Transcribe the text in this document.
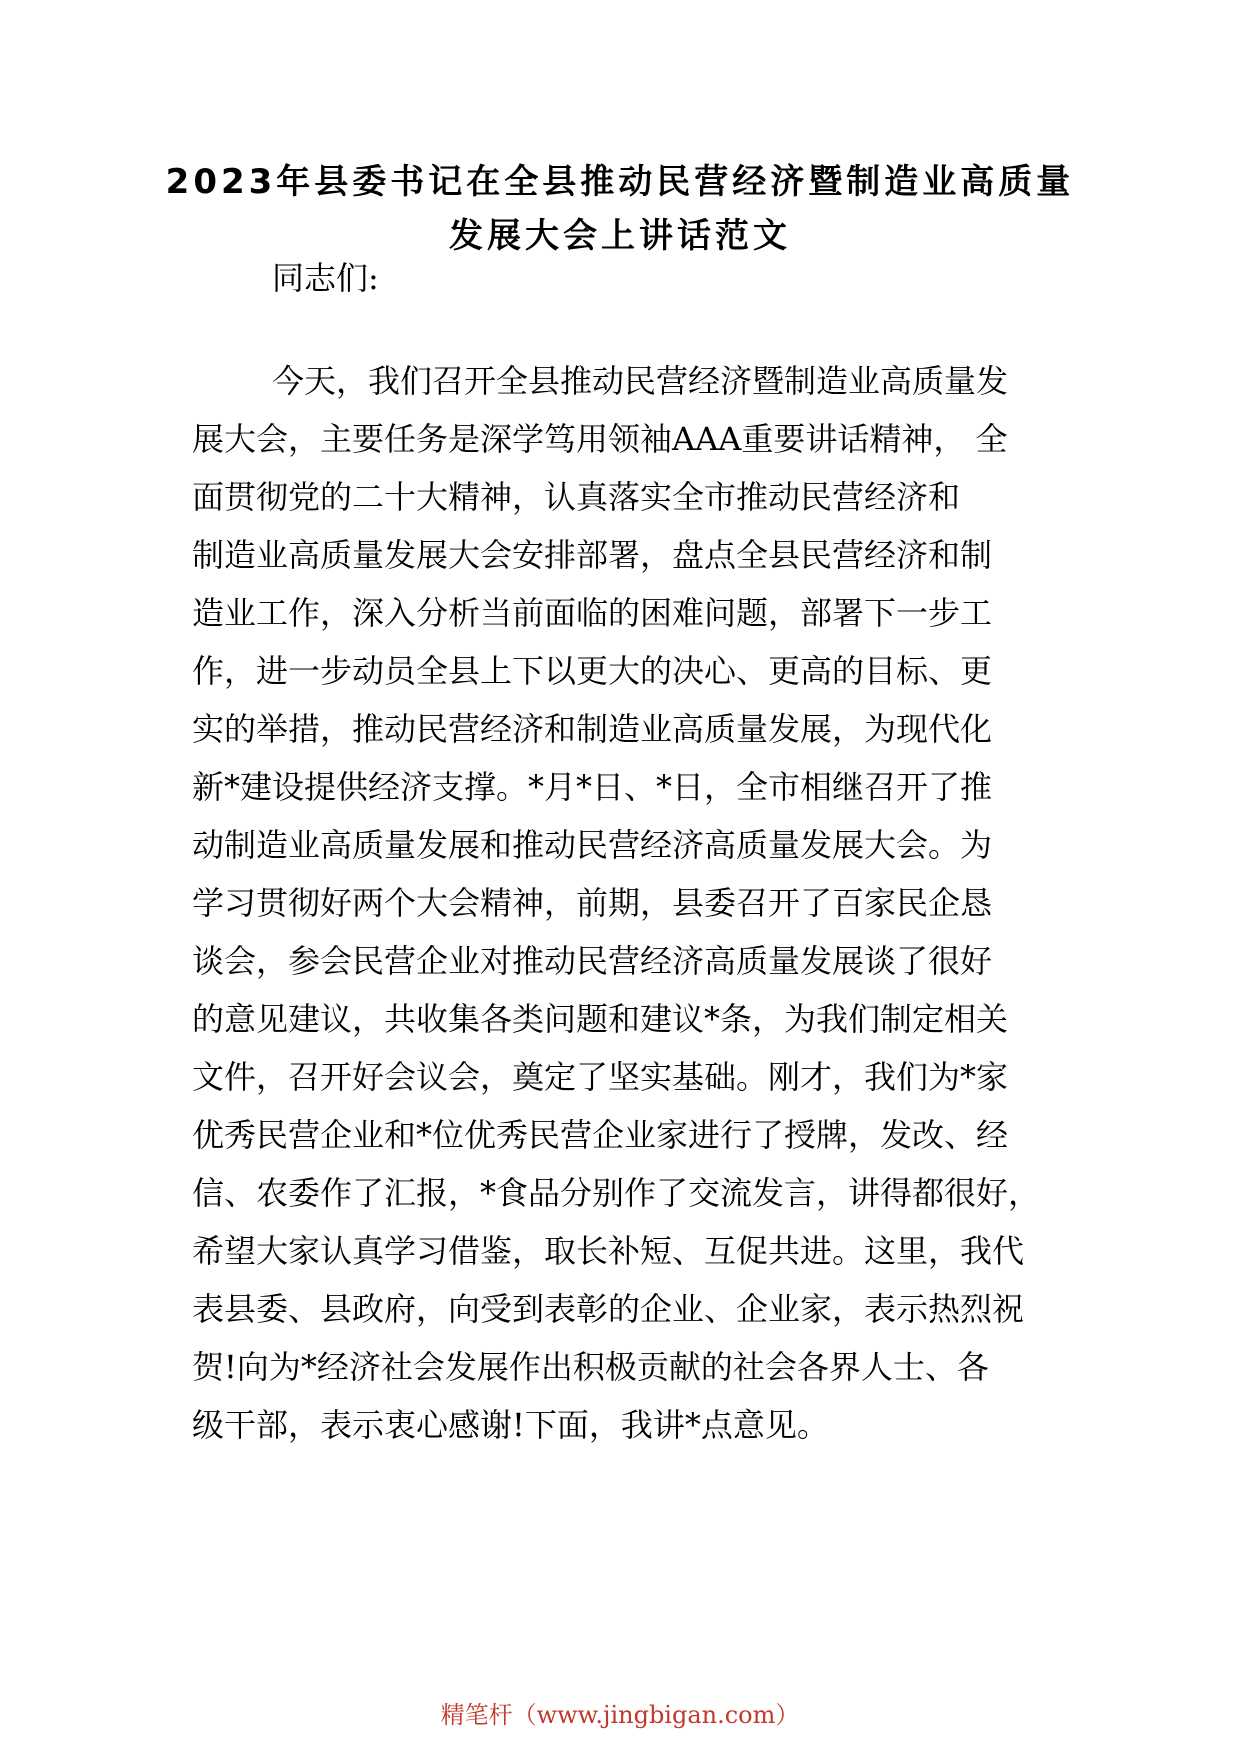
2023年县委书记在全县推动民营经济暨制造业高质量
发展大会上讲话范文
同志们:
今天，我们召开全县推动民营经济暨制造业高质量发
展大会，主要任务是深学笃用领袖AAA重要讲话精神， 全
面贯彻党的二十大精神，认真落实全市推动民营经济和
制造业高质量发展大会安排部署，盘点全县民营经济和制
造业工作，深入分析当前面临的困难问题，部署下一步工
作，进一步动员全县上下以更大的决心、更高的目标、更
实的举措，推动民营经济和制造业高质量发展，为现代化
新*建设提供经济支撑。*月*日、*日，全市相继召开了推
动制造业高质量发展和推动民营经济高质量发展大会。为
学习贯彻好两个大会精神，前期，县委召开了百家民企恳
谈会，参会民营企业对推动民营经济高质量发展谈了很好
的意见建议，共收集各类问题和建议*条，为我们制定相关
文件，召开好会议会，奠定了坚实基础。刚才，我们为*家
优秀民营企业和*位优秀民营企业家进行了授牌，发改、经
信、农委作了汇报，*食品分别作了交流发言，讲得都很好，
希望大家认真学习借鉴，取长补短、互促共进。这里，我代
表县委、县政府，向受到表彰的企业、企业家，表示热烈祝
贺!向为*经济社会发展作出积极贡献的社会各界人士、各
级干部，表示衷心感谢!下面，我讲*点意见。
精笔杆（www.jingbigan.com）
